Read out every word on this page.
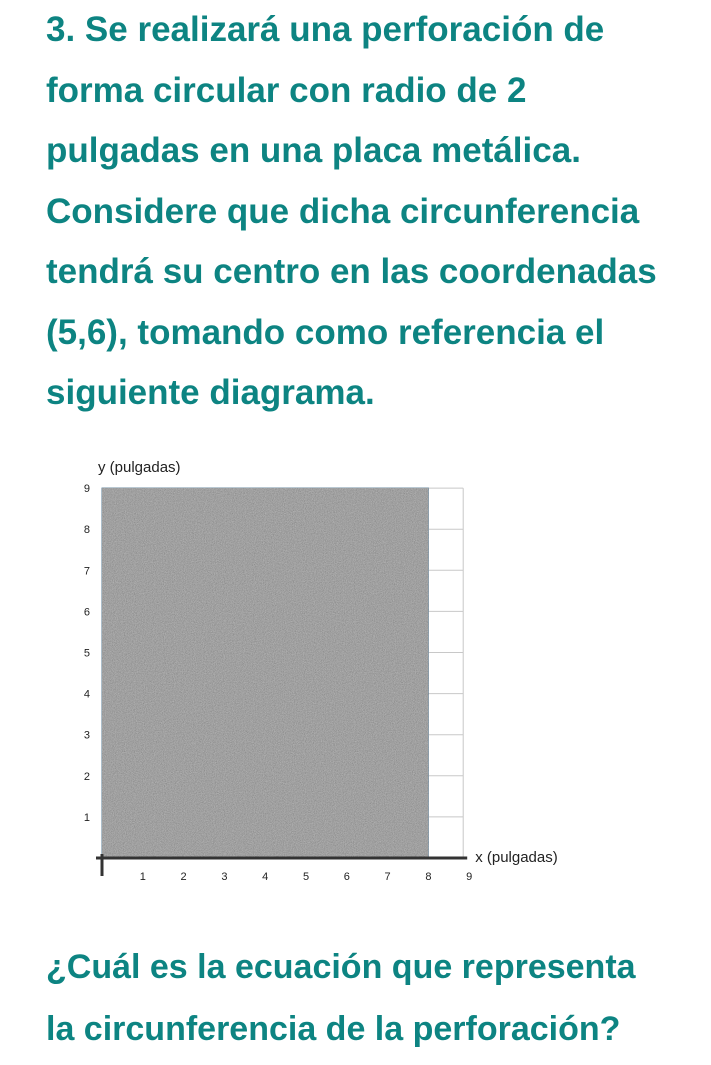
3. Se realizará una perforación de
forma circular con radio de 2
pulgadas en una placa metálica.
Considere que dicha circunferencia
tendrá su centro en las coordenadas
(5,6), tomando como referencia el
siguiente diagrama.
1
2
3
4
5
6
7
8
9
1	2	3	4	5	6	7	8	9
y (pulgadas)
x (pulgadas)
¿Cuál es la ecuación que representa
la circunferencia de la perforación?
